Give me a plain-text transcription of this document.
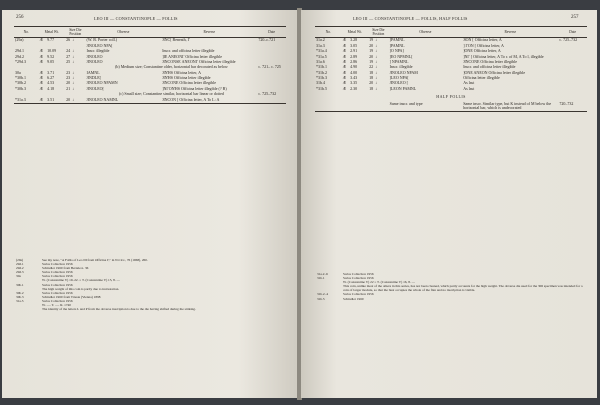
256	LEO III — CONSTANTINOPLE — FOLLIS
No.	Metal Wt.	Size Die Position	Obverse	Reverse	Date
(29a)	Æ 9.77	26 ↓	(W. B. Porter coll.)	ƎNC[ Beneath, Γ	720–c.721
			ƎNOLEO NPA[		
29d.1	Æ 10.09	24 ↓	Inscr. illegible	Inscr. and officina letter illegible	
29d.2	Æ 9.52	27 ↓	ƎNOLEO	]IE ANEOΝΓ Officina letter illegible	
*29d.3	Æ 9.05	25 ↓	ƎNOLEO	ƎNCONSE ΑΝΕΟΝΓ Officina letter illegible	
			(b) Medium size; Constantine older, horizontal bar decorated as below		c. 721– c. 725
30a	Æ 3.71	23 ↓	ΙΑΜΝL	ƎΝΉS Officina letter, A	
*30b.1	Æ 6.27	23 ↓	ƎNDLE[	ƎΝΉS Officina letter illegible	
*30b.2	Æ 4.53	20 ↓	ƎNOLEO NPAMΝ	ƎNCONE Officina letter illegible	
*30b.3	Æ 4.18	21 ↓	ƎNOLEO[	]NΓΟΝΉS Officina letter illegible (? B)	
			(c) Small size; Constantine similar, horizontal bar linear or dotted		c. 725–732
*31a.3	Æ 3.51	20 ↓	ƎNOLEO NAMNL	ƎNCON [ Officina letter, A To L: A	
(29a)	See my note, "A Follis of Leo III from Officina Γ," in N.Circ., 76 (1968), 260.
29d.1	Swiss Collection 1956
29d.2	Schindler 1960 from Bertele n. 36
29d.3	Swiss Collection 1956
30a	Swiss Collection 1956
W. (Constantine V) 19–22. = T. (Constantine V) 15, 8. —
30b.1	Swiss Collection 1956
The high weight of this coin is partly due to incrustation.
30b.2	Swiss Collection 1956
30b.3	Schindler 1960 from Trieste (Vienna) 1898
31a.3	Swiss Collection 1956
W. —. T. —. R. 1740
The identity of the letters L and P from the obverse inscription is due to the die having shifted during the striking.
LEO III — CONSTANTINOPLE — FOLLIS, HALF FOLLIS	257
No.	Metal Wt.	Size Die Position	Obverse	Reverse	Date
31a.2	Æ 3.28	19 ↓	]PAMNL	ƎON [ Officina letter, A	c. 725–732
31a.3	Æ 3.05	20 ↓	]PAMNL	] ΓΟΝ [ Officina letter, A	
*31a.4	Æ 2.91	19 ↓	]O NPA]	]ONE Officina letter, A	
*31a.5	Æ 2.89	20 ↓	]EO NPMNL[	]NΓ [ Officina letter, A To r. of M, A To l, illegible	
31a.6	Æ 2.86	19 ↓	] NPAMNL	ƎNCONE Officina letter illegible	
*31b.1	Æ 4.90	22 ↓	Inscr. illegible	Inscr. and officina letter illegible	
*31b.2	Æ 4.00	18 ↓	ƎNOLEO NPAM	]ONE ANEΟΝ Officina letter illegible	
*31b.3	Æ 3.43	18 ↓	]LEO ΝΡΑ[	Officina letter illegible	
31b.4	Æ 3.35	20 ↓	ƎNOLEO [	As last	
*31b.5	Æ 2.30	18 ↓	]LEON PAMNL	As last	
HALF FOLLIS					
			Same inscr. and type	Same inscr. Similar type, but K instead of M below the horizontal bar, which is undecorated	720–732
31a.2–6	Swiss Collection 1956
31b.1	Swiss Collection 1956
W. (Constantine V) 22 = T. (Constantine V) 16, 8. —
This coin, unlike most of the others in this series, has not been cleaned, which partly accounts for the high weight. The obverse die used for the 306 specimen was intended for a coin of larger module, so that the bust occupies the whole of the flan and no inscription is visible.
31b.2–4	Swiss Collection 1956
31b.5	Schindler 1960
